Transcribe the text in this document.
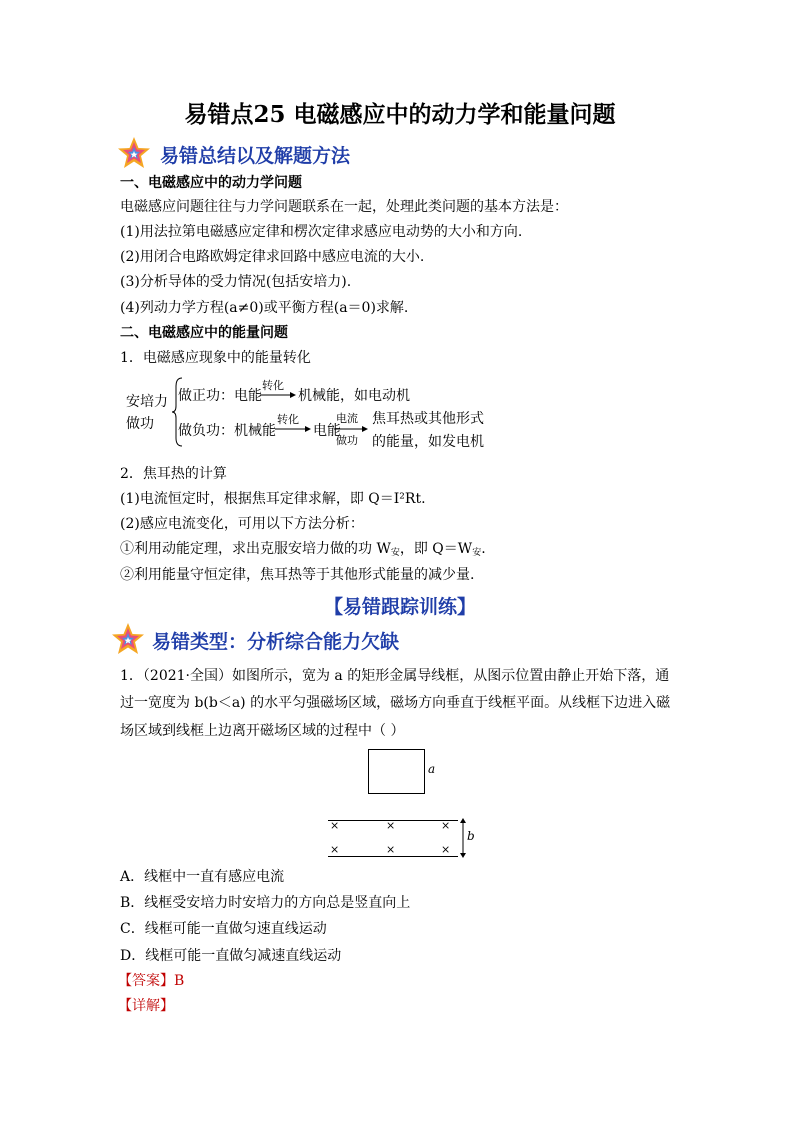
易错点25 电磁感应中的动力学和能量问题
易错总结以及解题方法
一、电磁感应中的动力学问题
电磁感应问题往往与力学问题联系在一起，处理此类问题的基本方法是：
(1)用法拉第电磁感应定律和楞次定律求感应电动势的大小和方向.
(2)用闭合电路欧姆定律求回路中感应电流的大小.
(3)分析导体的受力情况(包括安培力).
(4)列动力学方程(a≠0)或平衡方程(a＝0)求解.
二、电磁感应中的能量问题
1．电磁感应现象中的能量转化
安培力
做功
做正功：电能
转化
机械能，如电动机
做负功：机械能
转化
电能
电流
做功
焦耳热或其他形式
的能量，如发电机
2．焦耳热的计算
(1)电流恒定时，根据焦耳定律求解，即 Q＝I²Rt.
(2)感应电流变化，可用以下方法分析：
①利用动能定理，求出克服安培力做的功 $W_安$，即 $Q=W_安$.
②利用能量守恒定律，焦耳热等于其他形式能量的减少量.
【易错跟踪训练】
易错类型：分析综合能力欠缺
1．（2021·全国）如图所示，宽为 a 的矩形金属导线框，从图示位置由静止开始下落，通
过一宽度为 b(b＜a) 的水平匀强磁场区域，磁场方向垂直于线框平面。从线框下边进入磁
场区域到线框上边离开磁场区域的过程中（ ）
a
×	×	×
×	×	×
b
A．线框中一直有感应电流
B．线框受安培力时安培力的方向总是竖直向上
C．线框可能一直做匀速直线运动
D．线框可能一直做匀减速直线运动
【答案】B
【详解】
